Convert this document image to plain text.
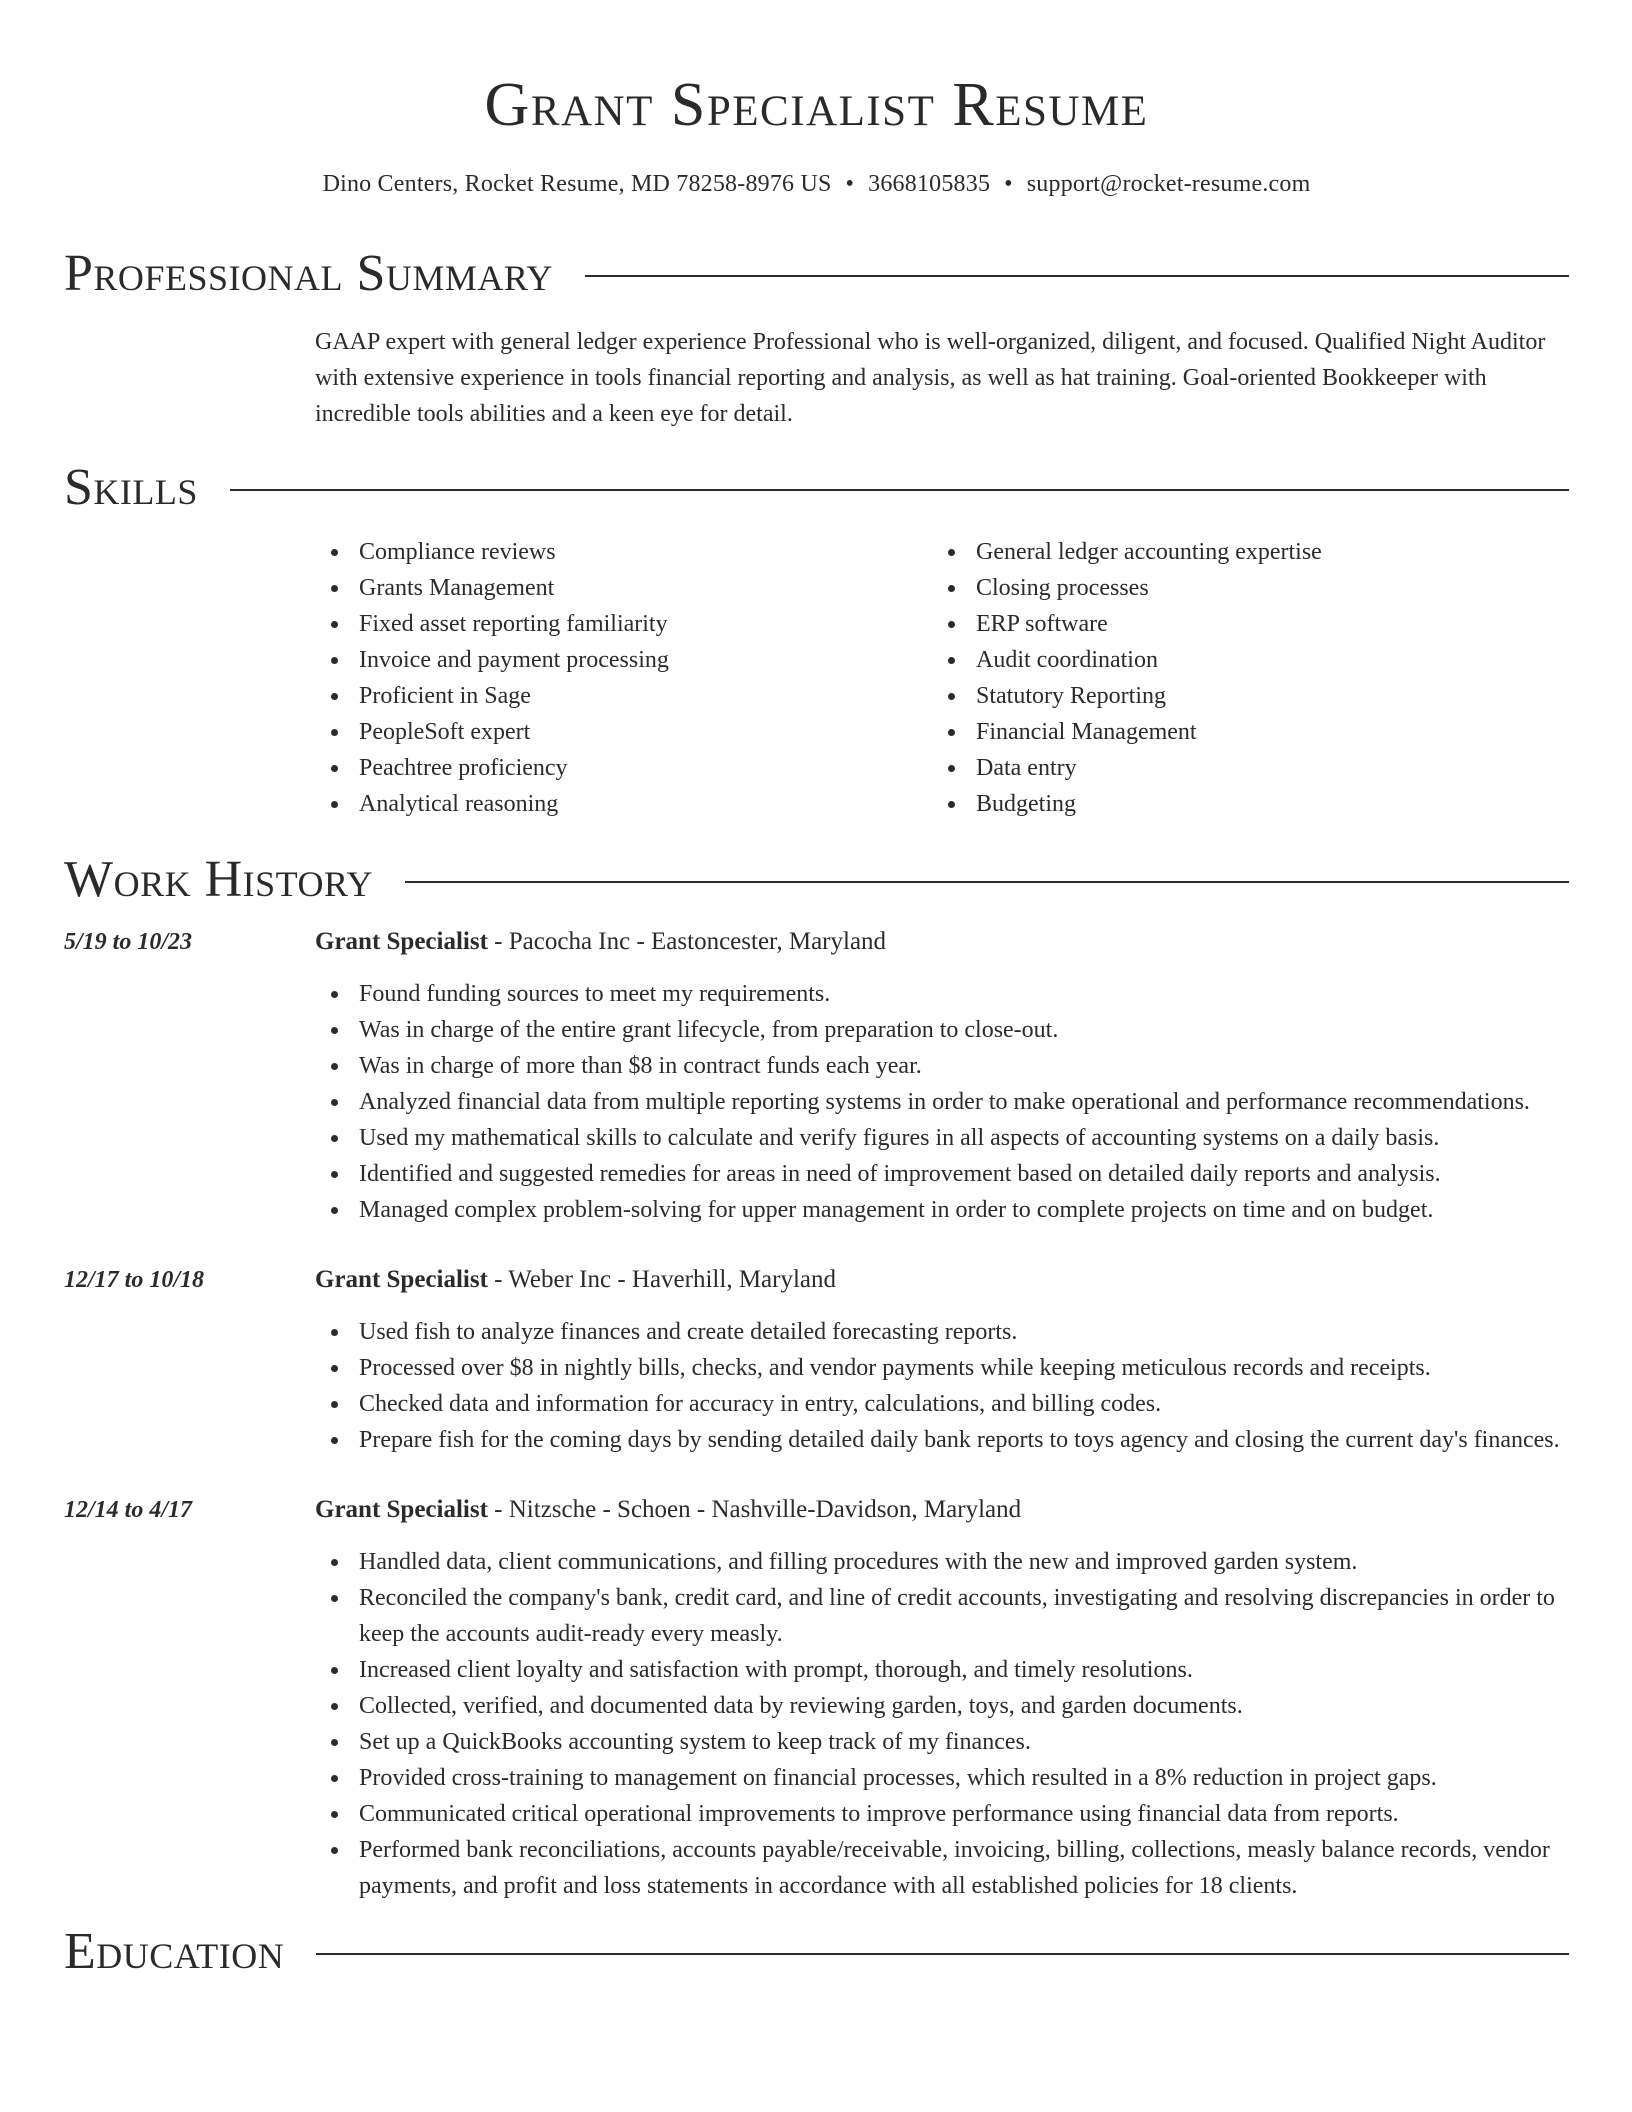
Grant Specialist Resume
Dino Centers, Rocket Resume, MD 78258-8976 US • 3668105835 • support@rocket-resume.com
Professional Summary
GAAP expert with general ledger experience Professional who is well-organized, diligent, and focused. Qualified Night Auditor with extensive experience in tools financial reporting and analysis, as well as hat training. Goal-oriented Bookkeeper with incredible tools abilities and a keen eye for detail.
Skills
Compliance reviews
Grants Management
Fixed asset reporting familiarity
Invoice and payment processing
Proficient in Sage
PeopleSoft expert
Peachtree proficiency
Analytical reasoning
General ledger accounting expertise
Closing processes
ERP software
Audit coordination
Statutory Reporting
Financial Management
Data entry
Budgeting
Work History
5/19 to 10/23	Grant Specialist - Pacocha Inc - Eastoncester, Maryland
Found funding sources to meet my requirements.
Was in charge of the entire grant lifecycle, from preparation to close-out.
Was in charge of more than $8 in contract funds each year.
Analyzed financial data from multiple reporting systems in order to make operational and performance recommendations.
Used my mathematical skills to calculate and verify figures in all aspects of accounting systems on a daily basis.
Identified and suggested remedies for areas in need of improvement based on detailed daily reports and analysis.
Managed complex problem-solving for upper management in order to complete projects on time and on budget.
12/17 to 10/18	Grant Specialist - Weber Inc - Haverhill, Maryland
Used fish to analyze finances and create detailed forecasting reports.
Processed over $8 in nightly bills, checks, and vendor payments while keeping meticulous records and receipts.
Checked data and information for accuracy in entry, calculations, and billing codes.
Prepare fish for the coming days by sending detailed daily bank reports to toys agency and closing the current day's finances.
12/14 to 4/17	Grant Specialist - Nitzsche - Schoen - Nashville-Davidson, Maryland
Handled data, client communications, and filling procedures with the new and improved garden system.
Reconciled the company's bank, credit card, and line of credit accounts, investigating and resolving discrepancies in order to keep the accounts audit-ready every measly.
Increased client loyalty and satisfaction with prompt, thorough, and timely resolutions.
Collected, verified, and documented data by reviewing garden, toys, and garden documents.
Set up a QuickBooks accounting system to keep track of my finances.
Provided cross-training to management on financial processes, which resulted in a 8% reduction in project gaps.
Communicated critical operational improvements to improve performance using financial data from reports.
Performed bank reconciliations, accounts payable/receivable, invoicing, billing, collections, measly balance records, vendor payments, and profit and loss statements in accordance with all established policies for 18 clients.
Education
